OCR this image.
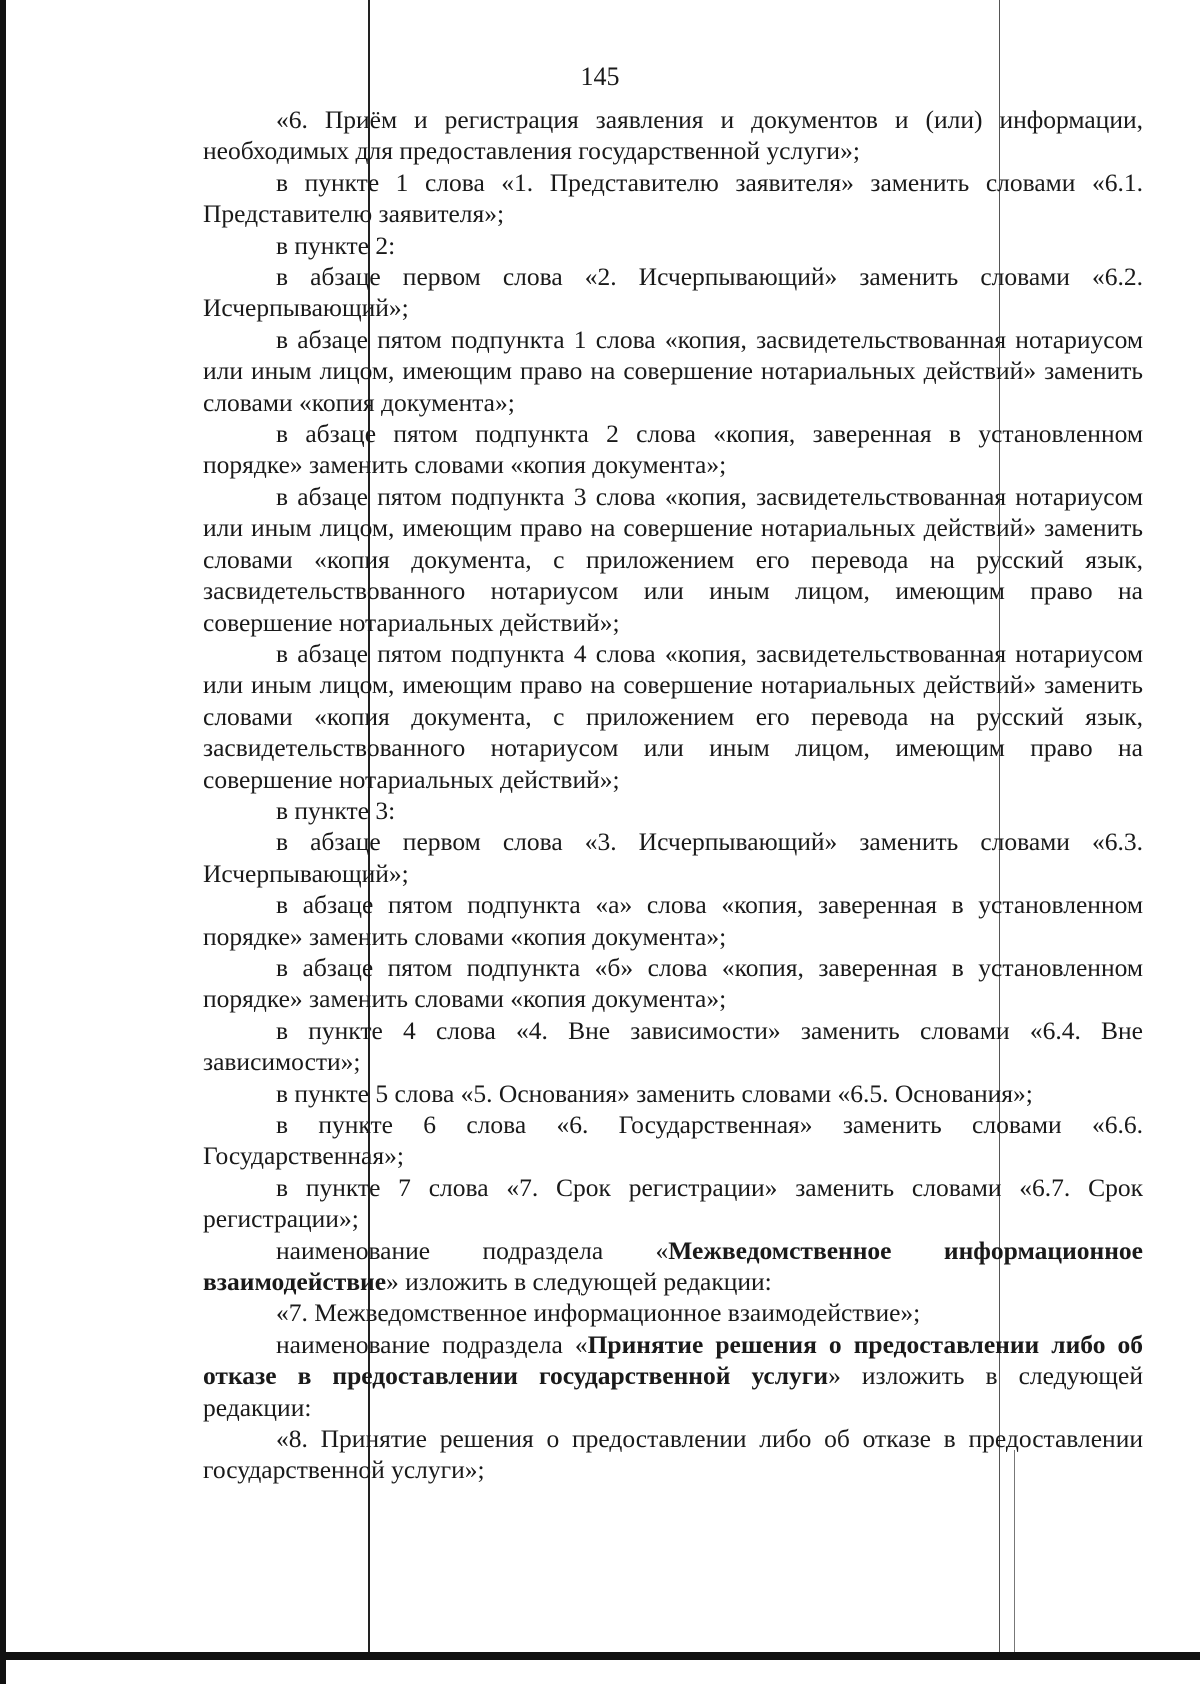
145

«6. Приём и регистрация заявления и документов и (или) информации, необходимых для предоставления государственной услуги»;

в пункте 1 слова «1. Представителю заявителя» заменить словами «6.1. Представителю заявителя»;

в пункте 2:

в абзаце первом слова «2. Исчерпывающий» заменить словами «6.2. Исчерпывающий»;

в абзаце пятом подпункта 1 слова «копия, засвидетельствованная нотариусом или иным лицом, имеющим право на совершение нотариальных действий» заменить словами «копия документа»;

в абзаце пятом подпункта 2 слова «копия, заверенная в установленном порядке» заменить словами «копия документа»;

в абзаце пятом подпункта 3 слова «копия, засвидетельствованная нотариусом или иным лицом, имеющим право на совершение нотариальных действий» заменить словами «копия документа, с приложением его перевода на русский язык, засвидетельствованного нотариусом или иным лицом, имеющим право на совершение нотариальных действий»;

в абзаце пятом подпункта 4 слова «копия, засвидетельствованная нотариусом или иным лицом, имеющим право на совершение нотариальных действий» заменить словами «копия документа, с приложением его перевода на русский язык, засвидетельствованного нотариусом или иным лицом, имеющим право на совершение нотариальных действий»;

в пункте 3:

в абзаце первом слова «3. Исчерпывающий» заменить словами «6.3. Исчерпывающий»;

в абзаце пятом подпункта «а» слова «копия, заверенная в установленном порядке» заменить словами «копия документа»;

в абзаце пятом подпункта «б» слова «копия, заверенная в установленном порядке» заменить словами «копия документа»;

в пункте 4 слова «4. Вне зависимости» заменить словами «6.4. Вне зависимости»;

в пункте 5 слова «5. Основания» заменить словами «6.5. Основания»;

в пункте 6 слова «6. Государственная» заменить словами «6.6. Государственная»;

в пункте 7 слова «7. Срок регистрации» заменить словами «6.7. Срок регистрации»;

наименование подраздела «Межведомственное информационное взаимодействие» изложить в следующей редакции:

«7. Межведомственное информационное взаимодействие»;

наименование подраздела «Принятие решения о предоставлении либо об отказе в предоставлении государственной услуги» изложить в следующей редакции:

«8. Принятие решения о предоставлении либо об отказе в предоставлении государственной услуги»;
